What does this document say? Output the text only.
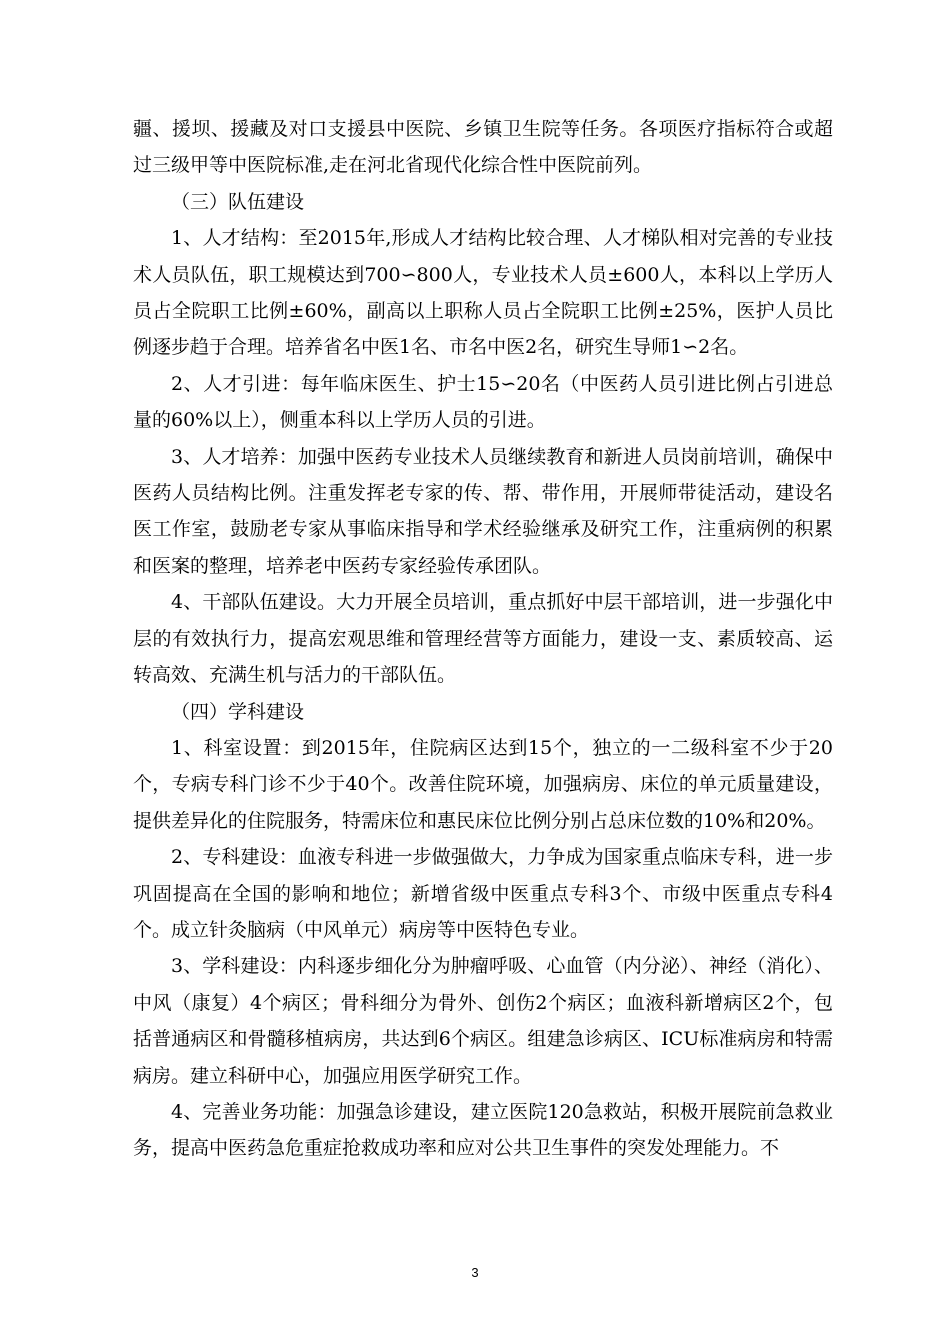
疆、援坝、援藏及对口支援县中医院、乡镇卫生院等任务。各项医疗指标符合或超过三级甲等中医院标准,走在河北省现代化综合性中医院前列。

（三）队伍建设

1、人才结构：至2015年,形成人才结构比较合理、人才梯队相对完善的专业技术人员队伍，职工规模达到700∽800人，专业技术人员±600人，本科以上学历人员占全院职工比例±60%，副高以上职称人员占全院职工比例±25%，医护人员比例逐步趋于合理。培养省名中医1名、市名中医2名，研究生导师1∽2名。

2、人才引进：每年临床医生、护士15∽20名（中医药人员引进比例占引进总量的60%以上），侧重本科以上学历人员的引进。

3、人才培养：加强中医药专业技术人员继续教育和新进人员岗前培训，确保中医药人员结构比例。注重发挥老专家的传、帮、带作用，开展师带徒活动，建设名医工作室，鼓励老专家从事临床指导和学术经验继承及研究工作，注重病例的积累和医案的整理，培养老中医药专家经验传承团队。

4、干部队伍建设。大力开展全员培训，重点抓好中层干部培训，进一步强化中层的有效执行力，提高宏观思维和管理经营等方面能力，建设一支、素质较高、运转高效、充满生机与活力的干部队伍。

（四）学科建设

1、科室设置：到2015年，住院病区达到15个，独立的一二级科室不少于20个，专病专科门诊不少于40个。改善住院环境，加强病房、床位的单元质量建设，提供差异化的住院服务，特需床位和惠民床位比例分别占总床位数的10%和20%。

2、专科建设：血液专科进一步做强做大，力争成为国家重点临床专科，进一步巩固提高在全国的影响和地位；新增省级中医重点专科3个、市级中医重点专科4个。成立针灸脑病（中风单元）病房等中医特色专业。

3、学科建设：内科逐步细化分为肿瘤呼吸、心血管（内分泌）、神经（消化）、中风（康复）4个病区；骨科细分为骨外、创伤2个病区；血液科新增病区2个，包括普通病区和骨髓移植病房，共达到6个病区。组建急诊病区、ICU标准病房和特需病房。建立科研中心，加强应用医学研究工作。

4、完善业务功能：加强急诊建设，建立医院120急救站，积极开展院前急救业务，提高中医药急危重症抢救成功率和应对公共卫生事件的突发处理能力。不

3
